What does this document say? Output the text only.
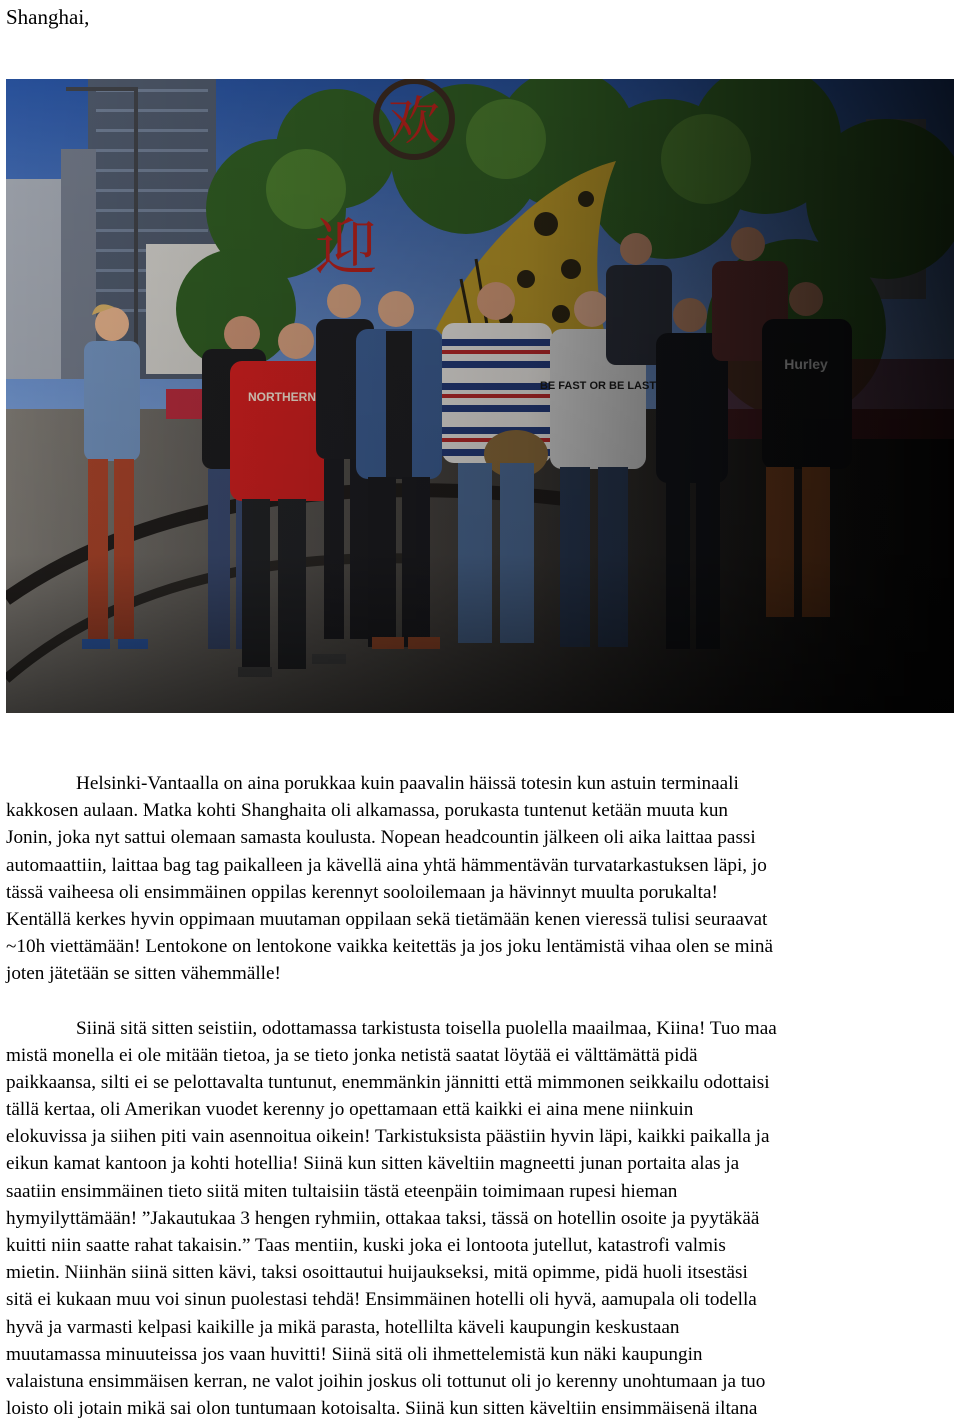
Shanghai,
Helsinki-Vantaalla on aina porukkaa kuin paavalin häissä totesin kun astuin terminaali
kakkosen aulaan. Matka kohti Shanghaita oli alkamassa, porukasta tuntenut ketään muuta kun
Jonin, joka nyt sattui olemaan samasta koulusta. Nopean headcountin jälkeen oli aika laittaa passi
automaattiin, laittaa bag tag paikalleen ja kävellä aina yhtä hämmentävän turvatarkastuksen läpi, jo
tässä vaiheesa oli ensimmäinen oppilas kerennyt sooloilemaan ja hävinnyt muulta porukalta!
Kentällä kerkes hyvin oppimaan muutaman oppilaan sekä tietämään kenen vieressä tulisi seuraavat
~10h viettämään! Lentokone on lentokone vaikka keitettäs ja jos joku lentämistä vihaa olen se minä
joten jätetään se sitten vähemmälle!
Siinä sitä sitten seistiin, odottamassa tarkistusta toisella puolella maailmaa, Kiina! Tuo maa
mistä monella ei ole mitään tietoa, ja se tieto jonka netistä saatat löytää ei välttämättä pidä
paikkaansa, silti ei se pelottavalta tuntunut, enemmänkin jännitti että mimmonen seikkailu odottaisi
tällä kertaa, oli Amerikan vuodet kerenny jo opettamaan että kaikki ei aina mene niinkuin
elokuvissa ja siihen piti vain asennoitua oikein! Tarkistuksista päästiin hyvin läpi, kaikki paikalla ja
eikun kamat kantoon ja kohti hotellia! Siinä kun sitten käveltiin magneetti junan portaita alas ja
saatiin ensimmäinen tieto siitä miten tultaisiin tästä eteenpäin toimimaan rupesi hieman
hymyilyttämään! ”Jakautukaa 3 hengen ryhmiin, ottakaa taksi, tässä on hotellin osoite ja pyytäkää
kuitti niin saatte rahat takaisin.” Taas mentiin, kuski joka ei lontoota jutellut, katastrofi valmis
mietin. Niinhän siinä sitten kävi, taksi osoittautui huijaukseksi, mitä opimme, pidä huoli itsestäsi
sitä ei kukaan muu voi sinun puolestasi tehdä! Ensimmäinen hotelli oli hyvä, aamupala oli todella
hyvä ja varmasti kelpasi kaikille ja mikä parasta, hotellilta käveli kaupungin keskustaan
muutamassa minuuteissa jos vaan huvitti! Siinä sitä oli ihmettelemistä kun näki kaupungin
valaistuna ensimmäisen kerran, ne valot joihin joskus oli tottunut oli jo kerenny unohtumaan ja tuo
loisto oli jotain mikä sai olon tuntumaan kotoisalta. Siinä kun sitten käveltiin ensimmäisenä iltana
